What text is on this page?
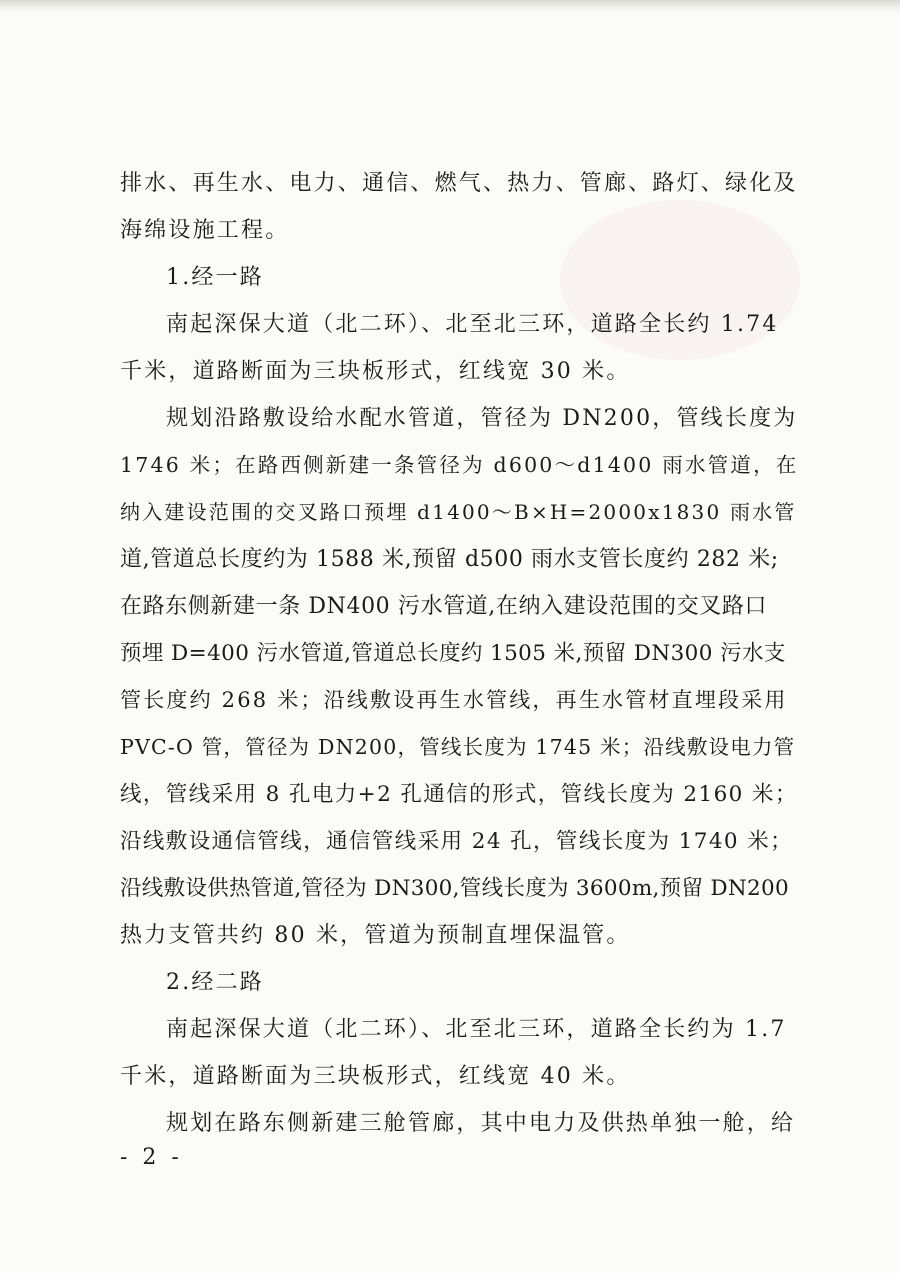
排水、再生水、电力、通信、燃气、热力、管廊、路灯、绿化及
海绵设施工程。
1.经一路
南起深保大道（北二环）、北至北三环，道路全长约 1.74
千米，道路断面为三块板形式，红线宽 30 米。
规划沿路敷设给水配水管道，管径为 DN200，管线长度为
1746 米；在路西侧新建一条管径为 d600～d1400 雨水管道，在
纳入建设范围的交叉路口预埋 d1400～B×H=2000x1830 雨水管
道,管道总长度约为 1588 米,预留 d500 雨水支管长度约 282 米;
在路东侧新建一条 DN400 污水管道,在纳入建设范围的交叉路口
预埋 D=400 污水管道,管道总长度约 1505 米,预留 DN300 污水支
管长度约 268 米；沿线敷设再生水管线，再生水管材直埋段采用
PVC-O 管，管径为 DN200，管线长度为 1745 米；沿线敷设电力管
线，管线采用 8 孔电力+2 孔通信的形式，管线长度为 2160 米；
沿线敷设通信管线，通信管线采用 24 孔，管线长度为 1740 米；
沿线敷设供热管道,管径为 DN300,管线长度为 3600m,预留 DN200
热力支管共约 80 米，管道为预制直埋保温管。
2.经二路
南起深保大道（北二环）、北至北三环，道路全长约为 1.7
千米，道路断面为三块板形式，红线宽 40 米。
规划在路东侧新建三舱管廊，其中电力及供热单独一舱，给
- 2 -
